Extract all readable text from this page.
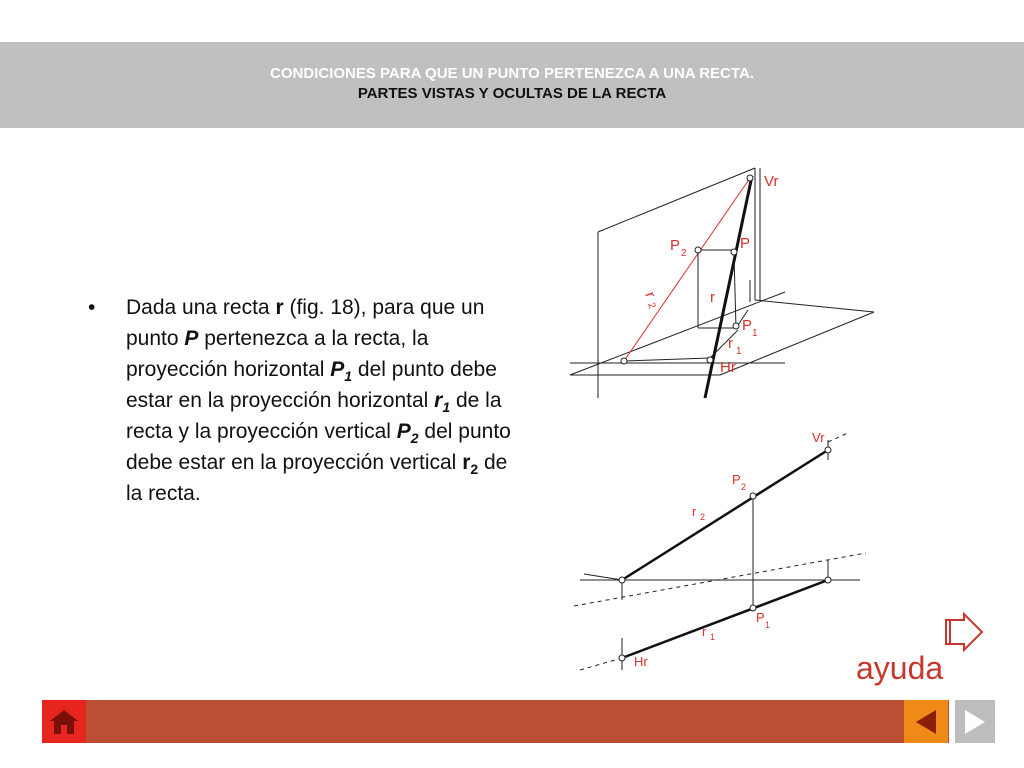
CONDICIONES PARA QUE UN PUNTO PERTENEZCA A UNA RECTA.
PARTES VISTAS Y OCULTAS DE LA RECTA
• Dada una recta r (fig. 18), para que un punto P pertenezca a la recta, la proyección horizontal $P_1$ del punto debe estar en la proyección horizontal $r_1$ de la recta y la proyección vertical $P_2$ del punto debe estar en la proyección vertical $r_2$ de la recta.
Vr
P 2
P
r
2	r
P 1
r 1
Hr
Vr
P 2
r 2
P 1
r 1
Hr	ayuda
